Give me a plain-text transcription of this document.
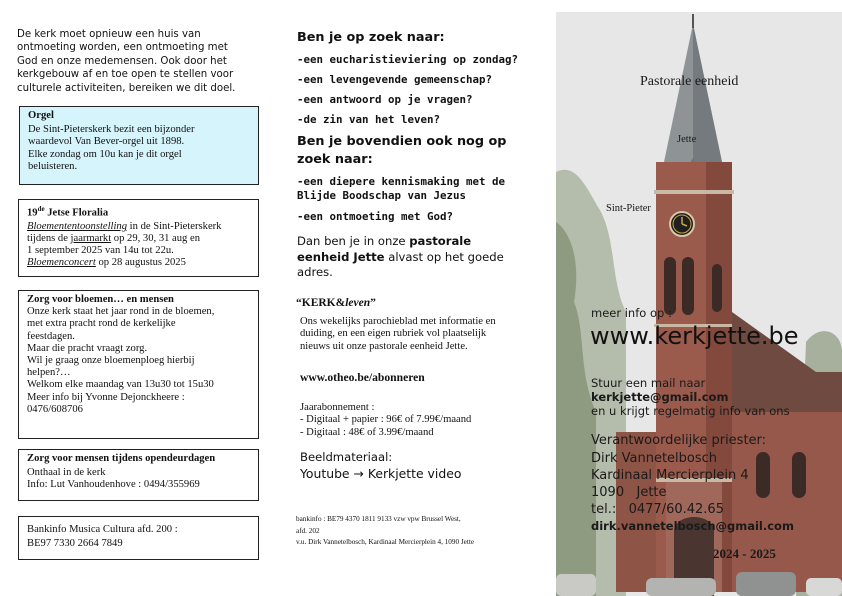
De kerk moet opnieuw een huis van
ontmoeting worden, een ontmoeting met
God en onze medemensen. Ook door het
kerkgebouw af en toe open te stellen voor
culturele activiteiten, bereiken we dit doel.
Orgel
De Sint-Pieterskerk bezit een bijzonder
waardevol Van Bever-orgel uit 1898.
Elke zondag om 10u kan je dit orgel
beluisteren.
19de Jetse Floralia
Bloemententoonstelling in de Sint-Pieterskerk
tijdens de jaarmarkt op 29, 30, 31 aug en
1 september 2025 van 14u tot 22u.
Bloemenconcert op 28 augustus 2025
Zorg voor bloemen… en mensen
Onze kerk staat het jaar rond in de bloemen,
met extra pracht rond de kerkelijke
feestdagen.
Maar die pracht vraagt zorg.
Wil je graag onze bloemenploeg hierbij
helpen?…
Welkom elke maandag van 13u30 tot 15u30
Meer info bij Yvonne Dejonckheere :
0476/608706
Zorg voor mensen tijdens opendeurdagen
Onthaal in de kerk
Info: Lut Vanhoudenhove : 0494/355969
Bankinfo Musica Cultura afd. 200 :
BE97 7330 2664 7849
Ben je op zoek naar:
-een eucharistieviering op zondag?
-een levengevende gemeenschap?
-een antwoord op je vragen?
-de zin van het leven?
Ben je bovendien ook nog op
zoek naar:
-een diepere kennismaking met de
Blijde Boodschap van Jezus
-een ontmoeting met God?
Dan ben je in onze pastorale
eenheid Jette alvast op het goede
adres.
“KERK&leven”
Ons wekelijks parochieblad met informatie en
duiding, en een eigen rubriek vol plaatselijk
nieuws uit onze pastorale eenheid Jette.
www.otheo.be/abonneren
Jaarabonnement :
- Digitaal + papier : 96€ of 7.99€/maand
- Digitaal : 48€ of 3.99€/maand
Beeldmateriaal:
Youtube → Kerkjette video
bankinfo : BE79 4370 1811 9133 vzw vpw Brussel West,
afd. 202
v.u. Dirk Vannetelbosch, Kardinaal Mercierplein 4, 1090 Jette
Pastorale eenheid
Jette
Sint-Pieter
meer info op :
www.kerkjette.be
Stuur een mail naar
kerkjette@gmail.com
en u krijgt regelmatig info van ons
Verantwoordelijke priester:
Dirk Vannetelbosch
Kardinaal Mercierplein 4
1090   Jette
tel.:   0477/60.42.65
dirk.vannetelbosch@gmail.com
2024 - 2025
